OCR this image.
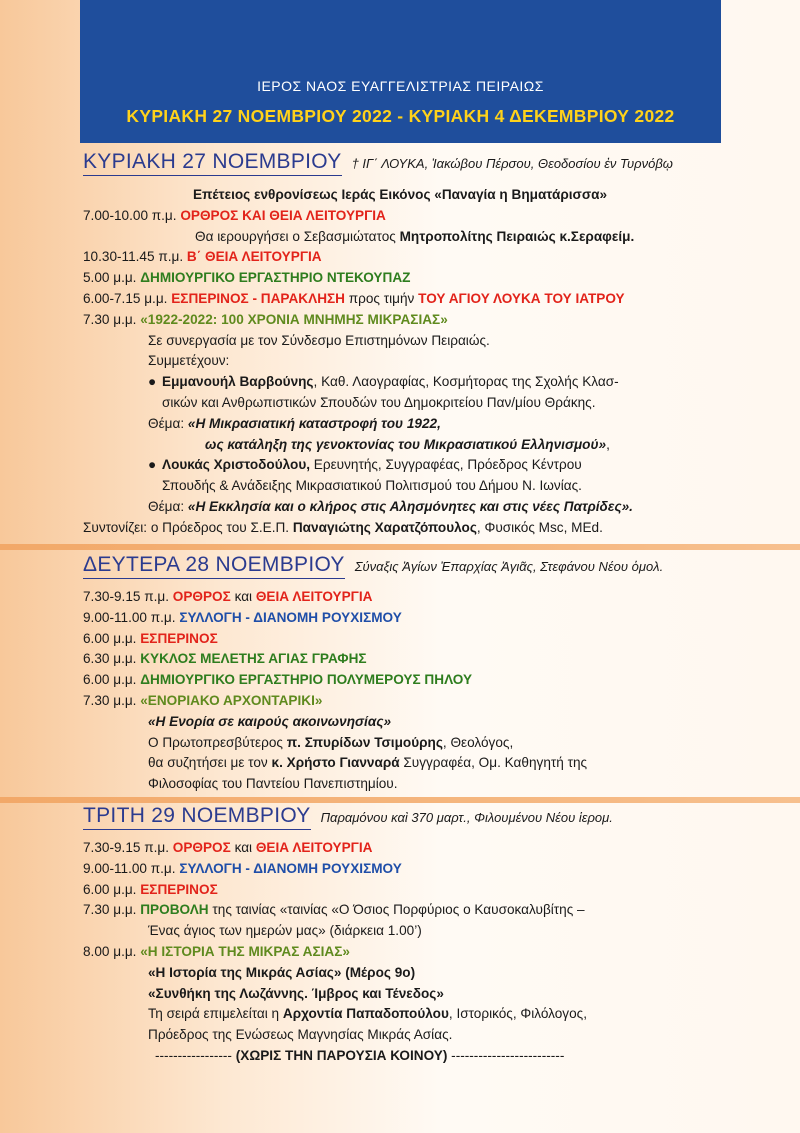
ΙΕΡΟΣ ΝΑΟΣ ΕΥΑΓΓΕΛΙΣΤΡΙΑΣ ΠΕΙΡΑΙΩΣ
ΚΥΡΙΑΚΗ 27 ΝΟΕΜΒΡΙΟΥ 2022 - ΚΥΡΙΑΚΗ 4 ΔΕΚΕΜΒΡΙΟΥ 2022
ΚΥΡΙΑΚΗ 27 ΝΟΕΜΒΡΙΟΥ † ΙΓ΄ ΛΟΥΚΑ, Ἰακώβου Πέρσου, Θεοδοσίου ἐν Τυρνόβῳ
Επέτειος ενθρονίσεως Ιεράς Εικόνος «Παναγία η Βηματάρισσα»
7.00-10.00 π.μ. ΟΡΘΡΟΣ ΚΑΙ ΘΕΙΑ ΛΕΙΤΟΥΡΓΙΑ
Θα ιερουργήσει ο Σεβασμιώτατος Μητροπολίτης Πειραιώς κ.Σεραφείμ.
10.30-11.45 π.μ. Β΄ ΘΕΙΑ ΛΕΙΤΟΥΡΓΙΑ
5.00 μ.μ. ΔΗΜΙΟΥΡΓΙΚΟ ΕΡΓΑΣΤΗΡΙΟ ΝΤΕΚΟΥΠΑΖ
6.00-7.15 μ.μ. ΕΣΠΕΡΙΝΟΣ - ΠΑΡΑΚΛΗΣΗ προς τιμήν ΤΟΥ ΑΓΙΟΥ ΛΟΥΚΑ ΤΟΥ ΙΑΤΡΟΥ
7.30 μ.μ. «1922-2022: 100 ΧΡΟΝΙΑ ΜΝΗΜΗΣ ΜΙΚΡΑΣΙΑΣ»
Σε συνεργασία με τον Σύνδεσμο Επιστημόνων Πειραιώς.
Συμμετέχουν:
● Εμμανουήλ Βαρβούνης, Καθ. Λαογραφίας, Κοσμήτορας της Σχολής Κλασ-
σικών και Ανθρωπιστικών Σπουδών του Δημοκριτείου Παν/μίου Θράκης.
Θέμα: «Η Μικρασιατική καταστροφή του 1922,
ως κατάληξη της γενοκτονίας του Μικρασιατικού Ελληνισμού»,
● Λουκάς Χριστοδούλου, Ερευνητής, Συγγραφέας, Πρόεδρος Κέντρου
Σπουδής & Ανάδειξης Μικρασιατικού Πολιτισμού του Δήμου Ν. Ιωνίας.
Θέμα: «Η Εκκλησία και ο κλήρος στις Αλησμόνητες και στις νέες Πατρίδες».
Συντονίζει: ο Πρόεδρος του Σ.Ε.Π. Παναγιώτης Χαρατζόπουλος, Φυσικός Msc, MEd.
ΔΕΥΤΕΡΑ 28 ΝΟΕΜΒΡΙΟΥ Σύναξις Ἁγίων Ἐπαρχίας Ἁγιᾶς, Στεφάνου Νέου ὁμολ.
7.30-9.15 π.μ. ΟΡΘΡΟΣ και ΘΕΙΑ ΛΕΙΤΟΥΡΓΙΑ
9.00-11.00 π.μ. ΣΥΛΛΟΓΗ - ΔΙΑΝΟΜΗ ΡΟΥΧΙΣΜΟΥ
6.00 μ.μ. ΕΣΠΕΡΙΝΟΣ
6.30 μ.μ. ΚΥΚΛΟΣ ΜΕΛΕΤΗΣ ΑΓΙΑΣ ΓΡΑΦΗΣ
6.00 μ.μ. ΔΗΜΙΟΥΡΓΙΚΟ ΕΡΓΑΣΤΗΡΙΟ ΠΟΛΥΜΕΡΟΥΣ ΠΗΛΟΥ
7.30 μ.μ. «ΕΝΟΡΙΑΚΟ ΑΡΧΟΝΤΑΡΙΚΙ»
«Η Ενορία σε καιρούς ακοινωνησίας»
Ο Πρωτοπρεσβύτερος π. Σπυρίδων Τσιμούρης, Θεολόγος,
θα συζητήσει με τον κ. Χρήστο Γιανναρά Συγγραφέα, Ομ. Καθηγητή της
Φιλοσοφίας του Παντείου Πανεπιστημίου.
ΤΡΙΤΗ 29 ΝΟΕΜΒΡΙΟΥ Παραμόνου καὶ 370 μαρτ., Φιλουμένου Νέου ἱερομ.
7.30-9.15 π.μ. ΟΡΘΡΟΣ και ΘΕΙΑ ΛΕΙΤΟΥΡΓΙΑ
9.00-11.00 π.μ. ΣΥΛΛΟΓΗ - ΔΙΑΝΟΜΗ ΡΟΥΧΙΣΜΟΥ
6.00 μ.μ. ΕΣΠΕΡΙΝΟΣ
7.30 μ.μ. ΠΡΟΒΟΛΗ της ταινίας «ταινίας «Ο Όσιος Πορφύριος ο Καυσοκαλυβίτης –
Ένας άγιος των ημερών μας» (διάρκεια 1.00’)
8.00 μ.μ. «Η ΙΣΤΟΡΙΑ ΤΗΣ ΜΙΚΡΑΣ ΑΣΙΑΣ»
«Η Ιστορία της Μικράς Ασίας» (Μέρος 9ο)
«Συνθήκη της Λωζάννης. Ίμβρος και Τένεδος»
Τη σειρά επιμελείται η Αρχοντία Παπαδοπούλου, Ιστορικός, Φιλόλογος,
Πρόεδρος της Ενώσεως Μαγνησίας Μικράς Ασίας.
----------------- (ΧΩΡΙΣ ΤΗΝ ΠΑΡΟΥΣΙΑ ΚΟΙΝΟΥ) -------------------------
